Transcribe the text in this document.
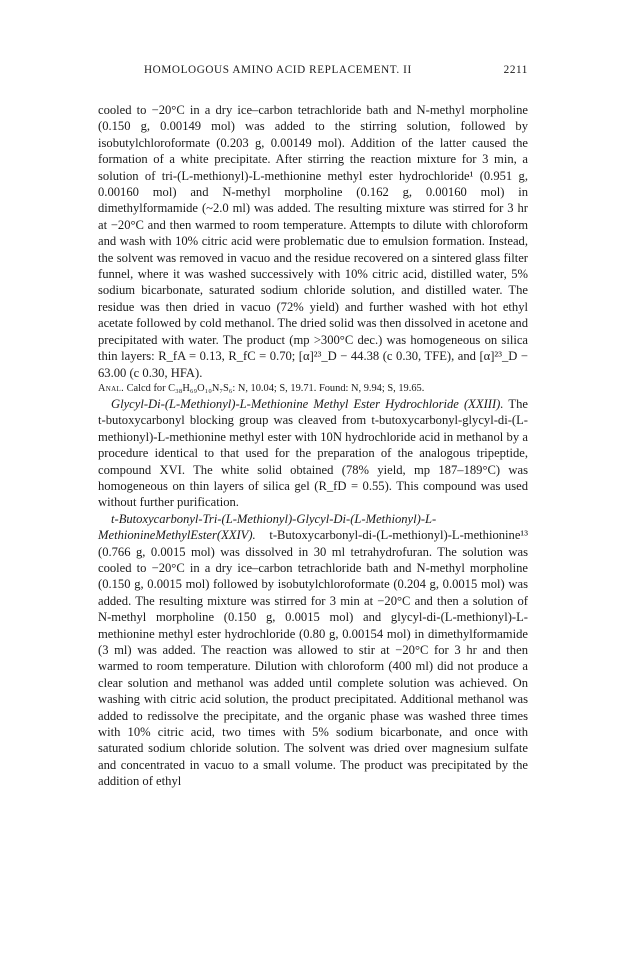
HOMOLOGOUS AMINO ACID REPLACEMENT. II	2211

cooled to −20°C in a dry ice–carbon tetrachloride bath and N-methyl morpholine (0.150 g, 0.00149 mol) was added to the stirring solution, followed by isobutylchloroformate (0.203 g, 0.00149 mol). Addition of the latter caused the formation of a white precipitate. After stirring the reaction mixture for 3 min, a solution of tri-(L-methionyl)-L-methionine methyl ester hydrochloride¹ (0.951 g, 0.00160 mol) and N-methyl morpholine (0.162 g, 0.00160 mol) in dimethylformamide (~2.0 ml) was added. The resulting mixture was stirred for 3 hr at −20°C and then warmed to room temperature. Attempts to dilute with chloroform and wash with 10% citric acid were problematic due to emulsion formation. Instead, the solvent was removed in vacuo and the residue recovered on a sintered glass filter funnel, where it was washed successively with 10% citric acid, distilled water, 5% sodium bicarbonate, saturated sodium chloride solution, and distilled water. The residue was then dried in vacuo (72% yield) and further washed with hot ethyl acetate followed by cold methanol. The dried solid was then dissolved in acetone and precipitated with water. The product (mp >300°C dec.) was homogeneous on silica thin layers: R_fA = 0.13, R_fC = 0.70; [α]²³_D − 44.38 (c 0.30, TFE), and [α]²³_D − 63.00 (c 0.30, HFA).

Anal. Calcd for C₃₈H₆₉O₁₀N₇S₆: N, 10.04; S, 19.71. Found: N, 9.94; S, 19.65.

Glycyl-Di-(L-Methionyl)-L-Methionine Methyl Ester Hydrochloride (XXIII). The t-butoxycarbonyl blocking group was cleaved from t-butoxycarbonyl-glycyl-di-(L-methionyl)-L-methionine methyl ester with 10N hydrochloride acid in methanol by a procedure identical to that used for the preparation of the analogous tripeptide, compound XVI. The white solid obtained (78% yield, mp 187–189°C) was homogeneous on thin layers of silica gel (R_fD = 0.55). This compound was used without further purification.

t-Butoxycarbonyl-Tri-(L-Methionyl)-Glycyl-Di-(L-Methionyl)-L-MethionineMethylEster(XXIV). t-Butoxycarbonyl-di-(L-methionyl)-L-methionine¹³ (0.766 g, 0.0015 mol) was dissolved in 30 ml tetrahydrofuran. The solution was cooled to −20°C in a dry ice–carbon tetrachloride bath and N-methyl morpholine (0.150 g, 0.0015 mol) followed by isobutylchloroformate (0.204 g, 0.0015 mol) was added. The resulting mixture was stirred for 3 min at −20°C and then a solution of N-methyl morpholine (0.150 g, 0.0015 mol) and glycyl-di-(L-methionyl)-L-methionine methyl ester hydrochloride (0.80 g, 0.00154 mol) in dimethylformamide (3 ml) was added. The reaction was allowed to stir at −20°C for 3 hr and then warmed to room temperature. Dilution with chloroform (400 ml) did not produce a clear solution and methanol was added until complete solution was achieved. On washing with citric acid solution, the product precipitated. Additional methanol was added to redissolve the precipitate, and the organic phase was washed three times with 10% citric acid, two times with 5% sodium bicarbonate, and once with saturated sodium chloride solution. The solvent was dried over magnesium sulfate and concentrated in vacuo to a small volume. The product was precipitated by the addition of ethyl
